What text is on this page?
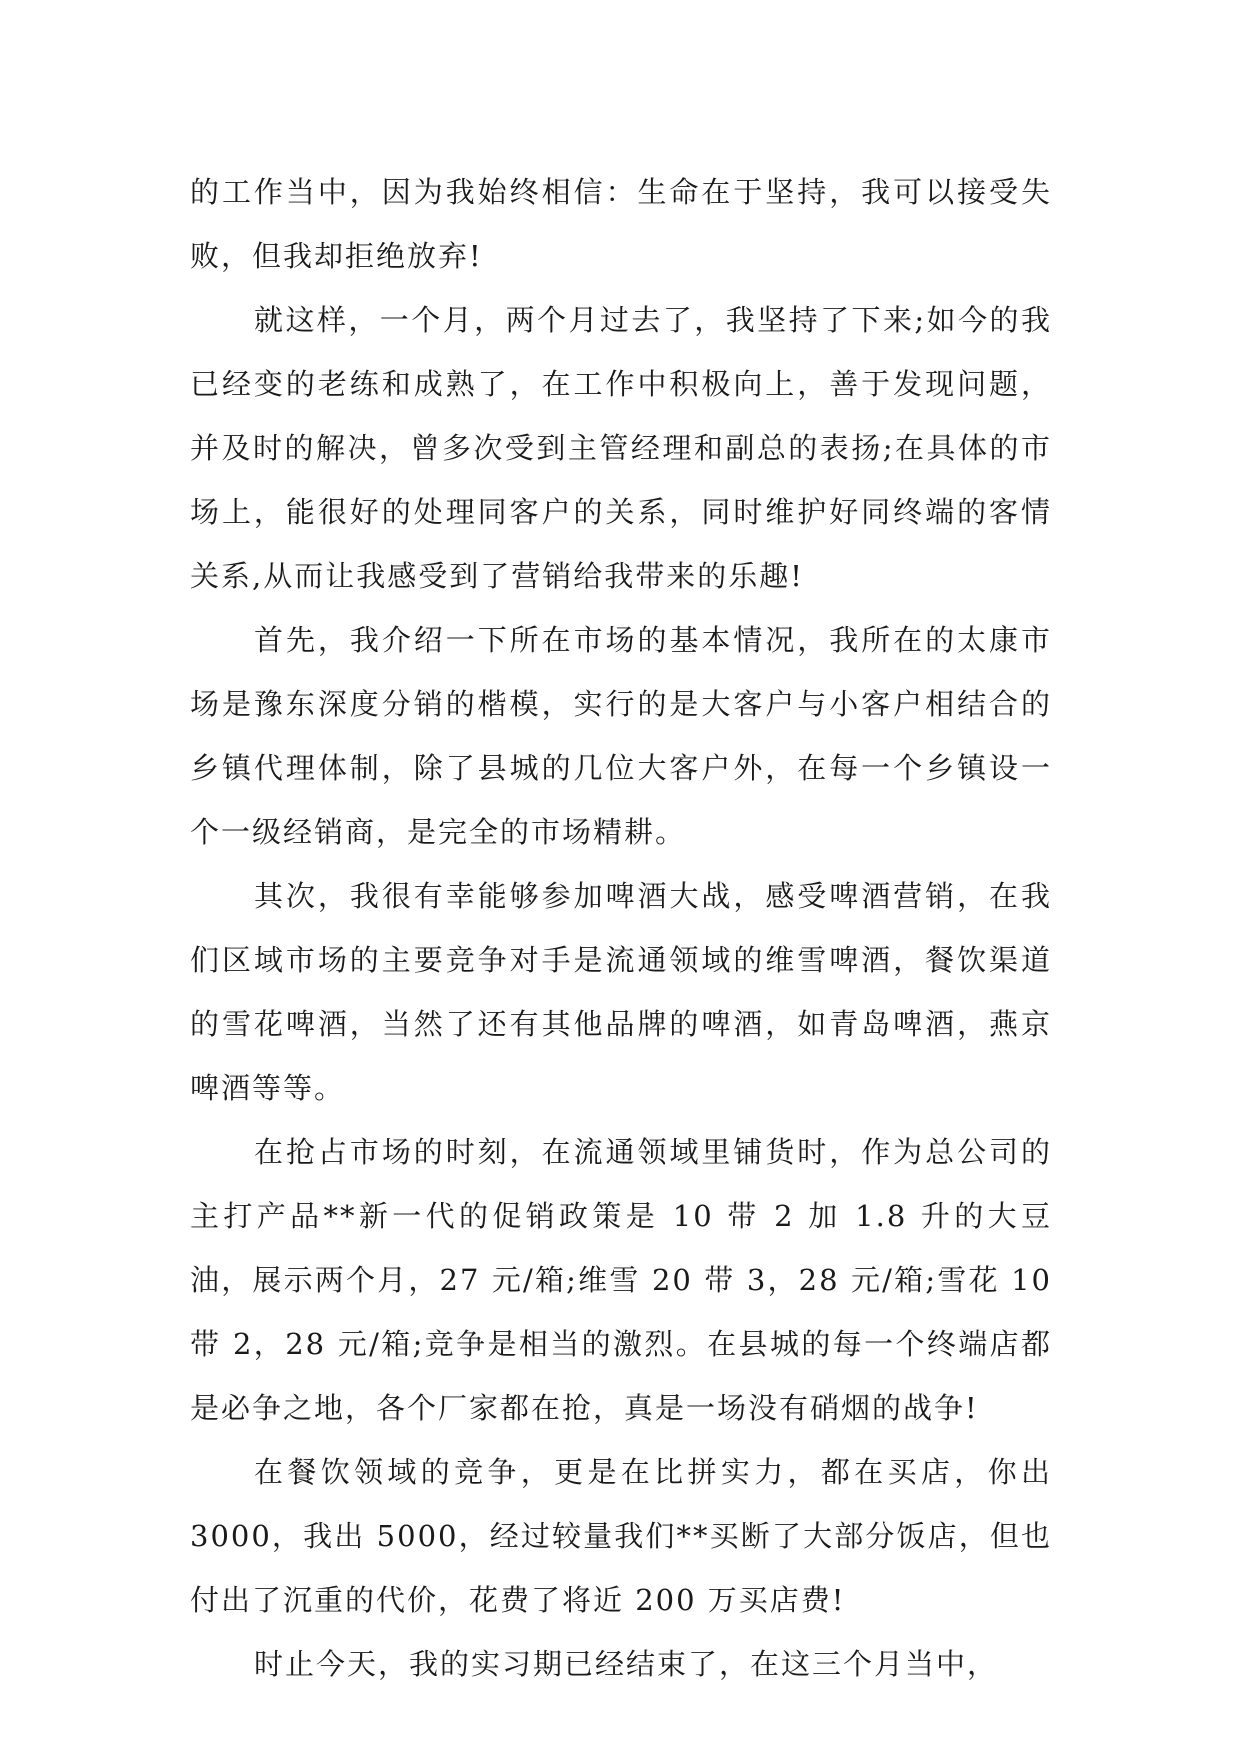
的工作当中，因为我始终相信：生命在于坚持，我可以接受失败，但我却拒绝放弃!

就这样，一个月，两个月过去了，我坚持了下来;如今的我已经变的老练和成熟了，在工作中积极向上，善于发现问题，并及时的解决，曾多次受到主管经理和副总的表扬;在具体的市场上，能很好的处理同客户的关系，同时维护好同终端的客情关系,从而让我感受到了营销给我带来的乐趣!

首先，我介绍一下所在市场的基本情况，我所在的太康市场是豫东深度分销的楷模，实行的是大客户与小客户相结合的乡镇代理体制，除了县城的几位大客户外，在每一个乡镇设一个一级经销商，是完全的市场精耕。

其次，我很有幸能够参加啤酒大战，感受啤酒营销，在我们区域市场的主要竞争对手是流通领域的维雪啤酒，餐饮渠道的雪花啤酒，当然了还有其他品牌的啤酒，如青岛啤酒，燕京啤酒等等。

在抢占市场的时刻，在流通领域里铺货时，作为总公司的主打产品**新一代的促销政策是 10 带 2 加 1.8 升的大豆油，展示两个月，27 元/箱;维雪 20 带 3，28 元/箱;雪花 10 带 2，28 元/箱;竞争是相当的激烈。在县城的每一个终端店都是必争之地，各个厂家都在抢，真是一场没有硝烟的战争!

在餐饮领域的竞争，更是在比拼实力，都在买店，你出 3000，我出 5000，经过较量我们**买断了大部分饭店，但也付出了沉重的代价，花费了将近 200 万买店费!

时止今天，我的实习期已经结束了，在这三个月当中，
